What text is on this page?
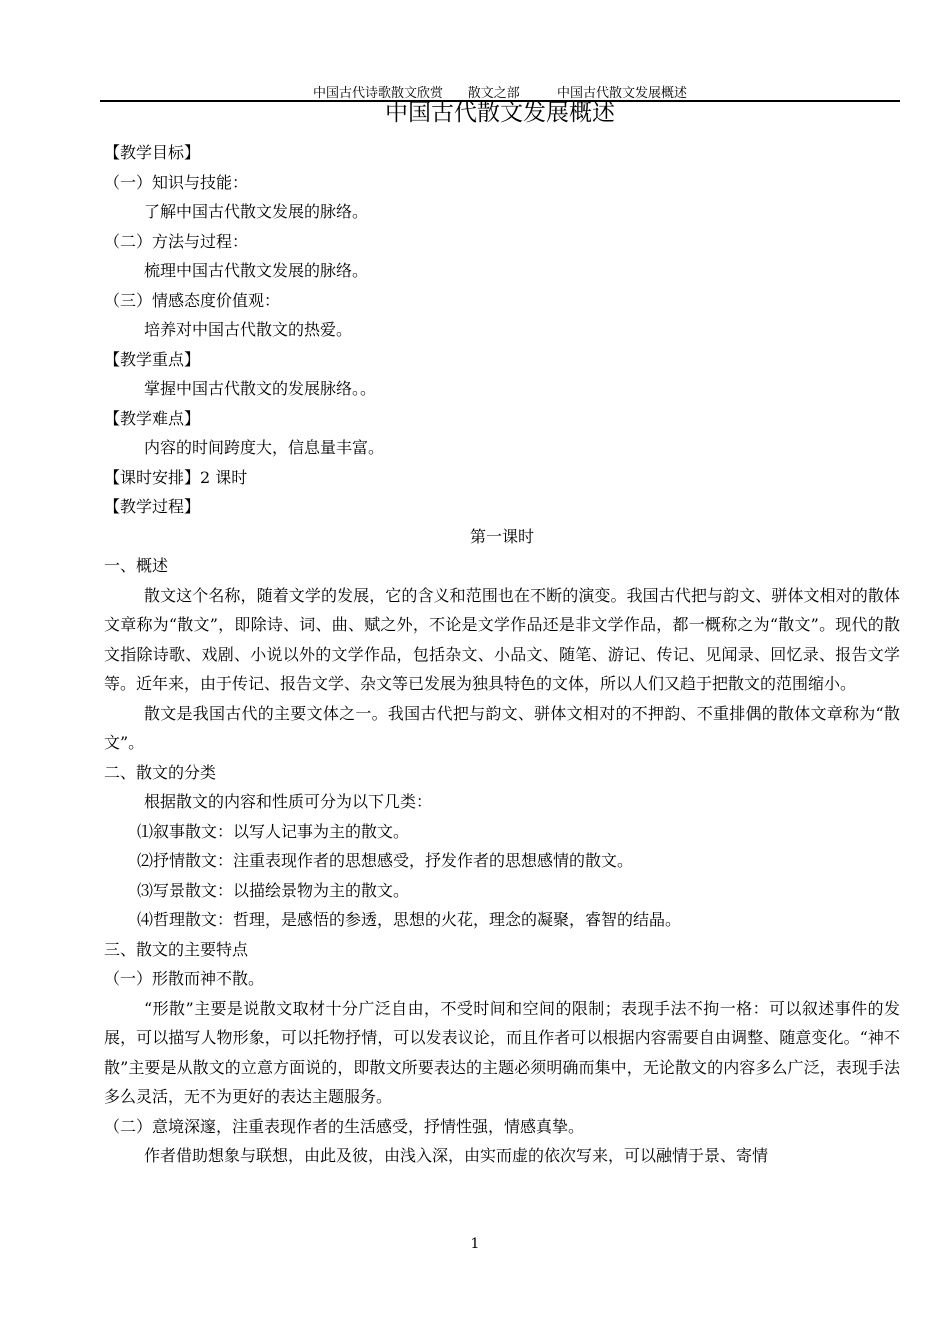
中国古代诗歌散文欣赏      散文之部         中国古代散文发展概述
中国古代散文发展概述
【教学目标】
（一）知识与技能：
了解中国古代散文发展的脉络。
（二）方法与过程：
梳理中国古代散文发展的脉络。
（三）情感态度价值观：
培养对中国古代散文的热爱。
【教学重点】
掌握中国古代散文的发展脉络。。
【教学难点】
内容的时间跨度大，信息量丰富。
【课时安排】2 课时
【教学过程】
第一课时
一、概述
散文这个名称，随着文学的发展，它的含义和范围也在不断的演变。我国古代把与韵文、骈体文相对的散体文章称为“散文”，即除诗、词、曲、赋之外，不论是文学作品还是非文学作品，都一概称之为“散文”。现代的散文指除诗歌、戏剧、小说以外的文学作品，包括杂文、小品文、随笔、游记、传记、见闻录、回忆录、报告文学等。近年来，由于传记、报告文学、杂文等已发展为独具特色的文体，所以人们又趋于把散文的范围缩小。
散文是我国古代的主要文体之一。我国古代把与韵文、骈体文相对的不押韵、不重排偶的散体文章称为“散文”。
二、散文的分类
根据散文的内容和性质可分为以下几类：
⑴叙事散文：以写人记事为主的散文。
⑵抒情散文：注重表现作者的思想感受，抒发作者的思想感情的散文。
⑶写景散文：以描绘景物为主的散文。
⑷哲理散文：哲理，是感悟的参透，思想的火花，理念的凝聚，睿智的结晶。
三、散文的主要特点
（一）形散而神不散。
“形散”主要是说散文取材十分广泛自由，不受时间和空间的限制；表现手法不拘一格：可以叙述事件的发展，可以描写人物形象，可以托物抒情，可以发表议论，而且作者可以根据内容需要自由调整、随意变化。“神不散”主要是从散文的立意方面说的，即散文所要表达的主题必须明确而集中，无论散文的内容多么广泛，表现手法多么灵活，无不为更好的表达主题服务。
（二）意境深邃，注重表现作者的生活感受，抒情性强，情感真挚。
作者借助想象与联想，由此及彼，由浅入深，由实而虚的依次写来，可以融情于景、寄情
1
